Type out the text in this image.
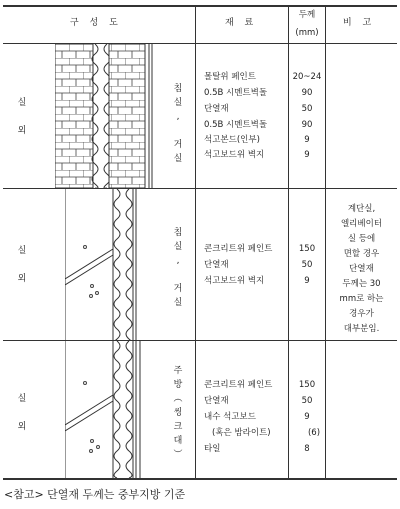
구 성 도	재 료
두께
(mm)
비 고
실

외
침
실
,

거
실
실

외
침
실
,

거
실
실

외
주
방
︵
씽
크
대
︶
몰탈위 페인트
0.5B 시멘트벽돌
단열재
0.5B 시멘트벽돌
석고본드(인부)
석고보드위 벽지
20~24
90
50
90
9
9
콘크리트위 페인트
단열재
석고보드위 벽지
150
50
9
계단실,
엘리베이터
실 등에
면할 경우
단열재
두께는 30
mm로 하는
경우가
대부분임.
콘크리트위 페인트
단열재
내수 석고보드
(혹은 밤라이트)
타일
150
50
9
(6)
8
<참고> 단열재 두께는 중부지방 기준
